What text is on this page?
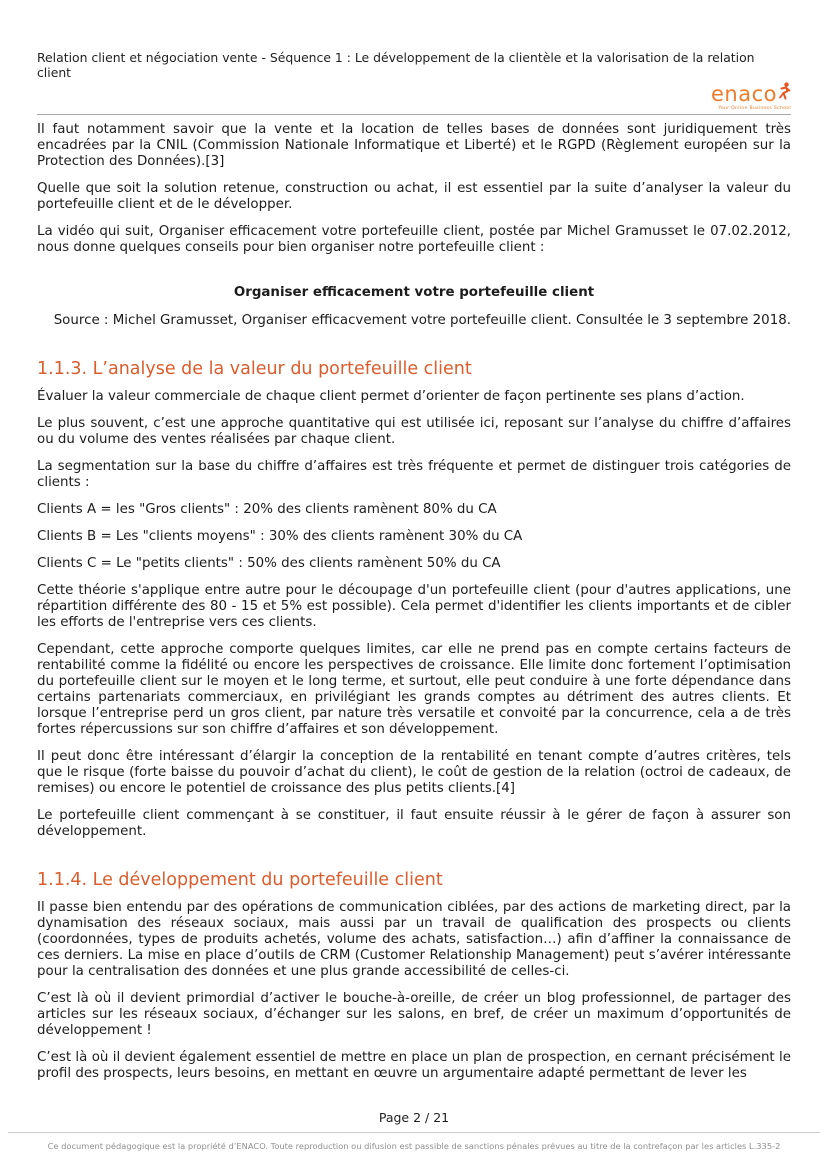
Relation client et négociation vente - Séquence 1 : Le développement de la clientèle et la valorisation de la relation client
enaco
Your Online Business School

Il faut notamment savoir que la vente et la location de telles bases de données sont juridiquement très encadrées par la CNIL (Commission Nationale Informatique et Liberté) et le RGPD (Règlement européen sur la Protection des Données).[3]

Quelle que soit la solution retenue, construction ou achat, il est essentiel par la suite d’analyser la valeur du portefeuille client et de le développer.

La vidéo qui suit, Organiser efficacement votre portefeuille client, postée par Michel Gramusset le 07.02.2012, nous donne quelques conseils pour bien organiser notre portefeuille client :

Organiser efficacement votre portefeuille client

Source : Michel Gramusset, Organiser efficacvement votre portefeuille client. Consultée le 3 septembre 2018.

1.1.3. L’analyse de la valeur du portefeuille client

Évaluer la valeur commerciale de chaque client permet d’orienter de façon pertinente ses plans d’action.

Le plus souvent, c’est une approche quantitative qui est utilisée ici, reposant sur l’analyse du chiffre d’affaires ou du volume des ventes réalisées par chaque client.

La segmentation sur la base du chiffre d’affaires est très fréquente et permet de distinguer trois catégories de clients :

Clients A = les "Gros clients" : 20% des clients ramènent 80% du CA

Clients B = Les "clients moyens" : 30% des clients ramènent 30% du CA

Clients C = Le "petits clients" : 50% des clients ramènent 50% du CA

Cette théorie s'applique entre autre pour le découpage d'un portefeuille client (pour d'autres applications, une répartition différente des 80 - 15 et 5% est possible). Cela permet d'identifier les clients importants et de cibler les efforts de l'entreprise vers ces clients.

Cependant, cette approche comporte quelques limites, car elle ne prend pas en compte certains facteurs de rentabilité comme la fidélité ou encore les perspectives de croissance. Elle limite donc fortement l’optimisation du portefeuille client sur le moyen et le long terme, et surtout, elle peut conduire à une forte dépendance dans certains partenariats commerciaux, en privilégiant les grands comptes au détriment des autres clients. Et lorsque l’entreprise perd un gros client, par nature très versatile et convoité par la concurrence, cela a de très fortes répercussions sur son chiffre d’affaires et son développement.

Il peut donc être intéressant d’élargir la conception de la rentabilité en tenant compte d’autres critères, tels que le risque (forte baisse du pouvoir d’achat du client), le coût de gestion de la relation (octroi de cadeaux, de remises) ou encore le potentiel de croissance des plus petits clients.[4]

Le portefeuille client commençant à se constituer, il faut ensuite réussir à le gérer de façon à assurer son développement.

1.1.4. Le développement du portefeuille client

Il passe bien entendu par des opérations de communication ciblées, par des actions de marketing direct, par la dynamisation des réseaux sociaux, mais aussi par un travail de qualification des prospects ou clients (coordonnées, types de produits achetés, volume des achats, satisfaction…) afin d’affiner la connaissance de ces derniers. La mise en place d’outils de CRM (Customer Relationship Management) peut s’avérer intéressante pour la centralisation des données et une plus grande accessibilité de celles-ci.

C’est là où il devient primordial d’activer le bouche-à-oreille, de créer un blog professionnel, de partager des articles sur les réseaux sociaux, d’échanger sur les salons, en bref, de créer un maximum d’opportunités de développement !

C’est là où il devient également essentiel de mettre en place un plan de prospection, en cernant précisément le profil des prospects, leurs besoins, en mettant en œuvre un argumentaire adapté permettant de lever les

Page 2 / 21
Ce document pédagogique est la propriété d’ENACO. Toute reproduction ou difusion est passible de sanctions pénales prévues au titre de la contrefaçon par les articles L.335-2
